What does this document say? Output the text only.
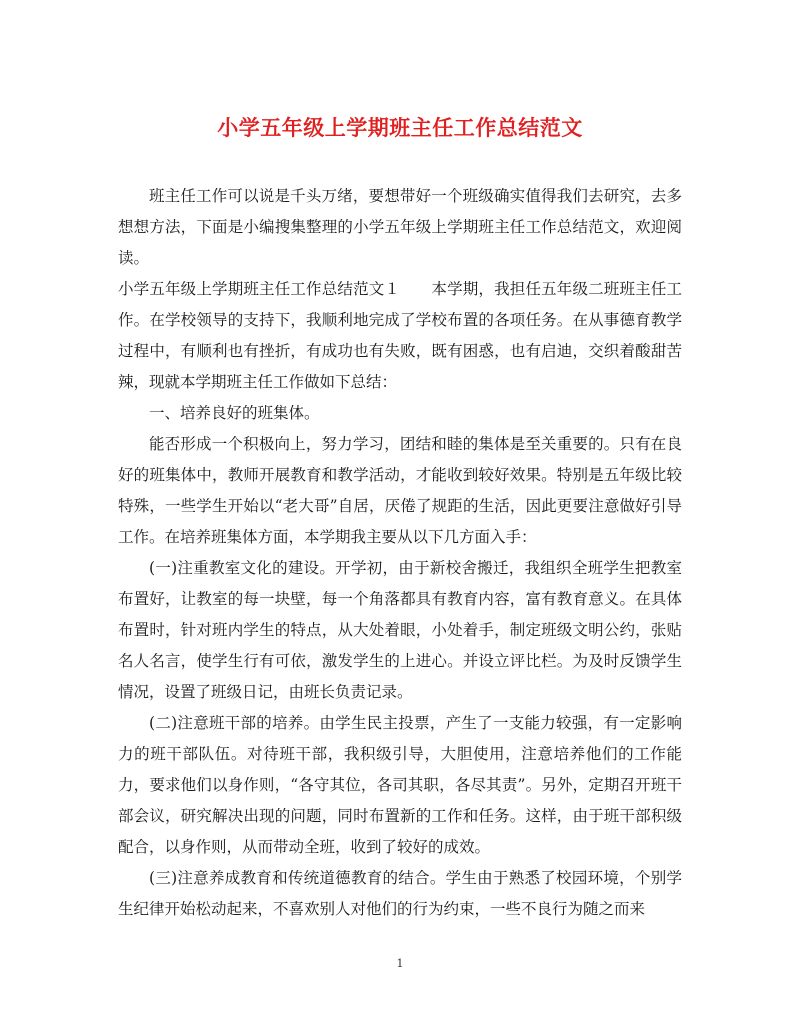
小学五年级上学期班主任工作总结范文

班主任工作可以说是千头万绪，要想带好一个班级确实值得我们去研究，去多想想方法，下面是小编搜集整理的小学五年级上学期班主任工作总结范文，欢迎阅读。

小学五年级上学期班主任工作总结范文１　　本学期，我担任五年级二班班主任工作。在学校领导的支持下，我顺利地完成了学校布置的各项任务。在从事德育教学过程中，有顺利也有挫折，有成功也有失败，既有困惑，也有启迪，交织着酸甜苦辣，现就本学期班主任工作做如下总结：

一、培养良好的班集体。

能否形成一个积极向上，努力学习，团结和睦的集体是至关重要的。只有在良好的班集体中，教师开展教育和教学活动，才能收到较好效果。特别是五年级比较特殊，一些学生开始以“老大哥”自居，厌倦了规距的生活，因此更要注意做好引导工作。在培养班集体方面，本学期我主要从以下几方面入手：

(一)注重教室文化的建设。开学初，由于新校舍搬迁，我组织全班学生把教室布置好，让教室的每一块壁，每一个角落都具有教育内容，富有教育意义。在具体布置时，针对班内学生的特点，从大处着眼，小处着手，制定班级文明公约，张贴名人名言，使学生行有可依，激发学生的上进心。并设立评比栏。为及时反馈学生情况，设置了班级日记，由班长负责记录。

(二)注意班干部的培养。由学生民主投票，产生了一支能力较强，有一定影响力的班干部队伍。对待班干部，我积级引导，大胆使用，注意培养他们的工作能力，要求他们以身作则，“各守其位，各司其职，各尽其责”。另外，定期召开班干部会议，研究解决出现的问题，同时布置新的工作和任务。这样，由于班干部积级配合，以身作则，从而带动全班，收到了较好的成效。

(三)注意养成教育和传统道德教育的结合。学生由于熟悉了校园环境，个别学生纪律开始松动起来，不喜欢别人对他们的行为约束，一些不良行为随之而来

1
